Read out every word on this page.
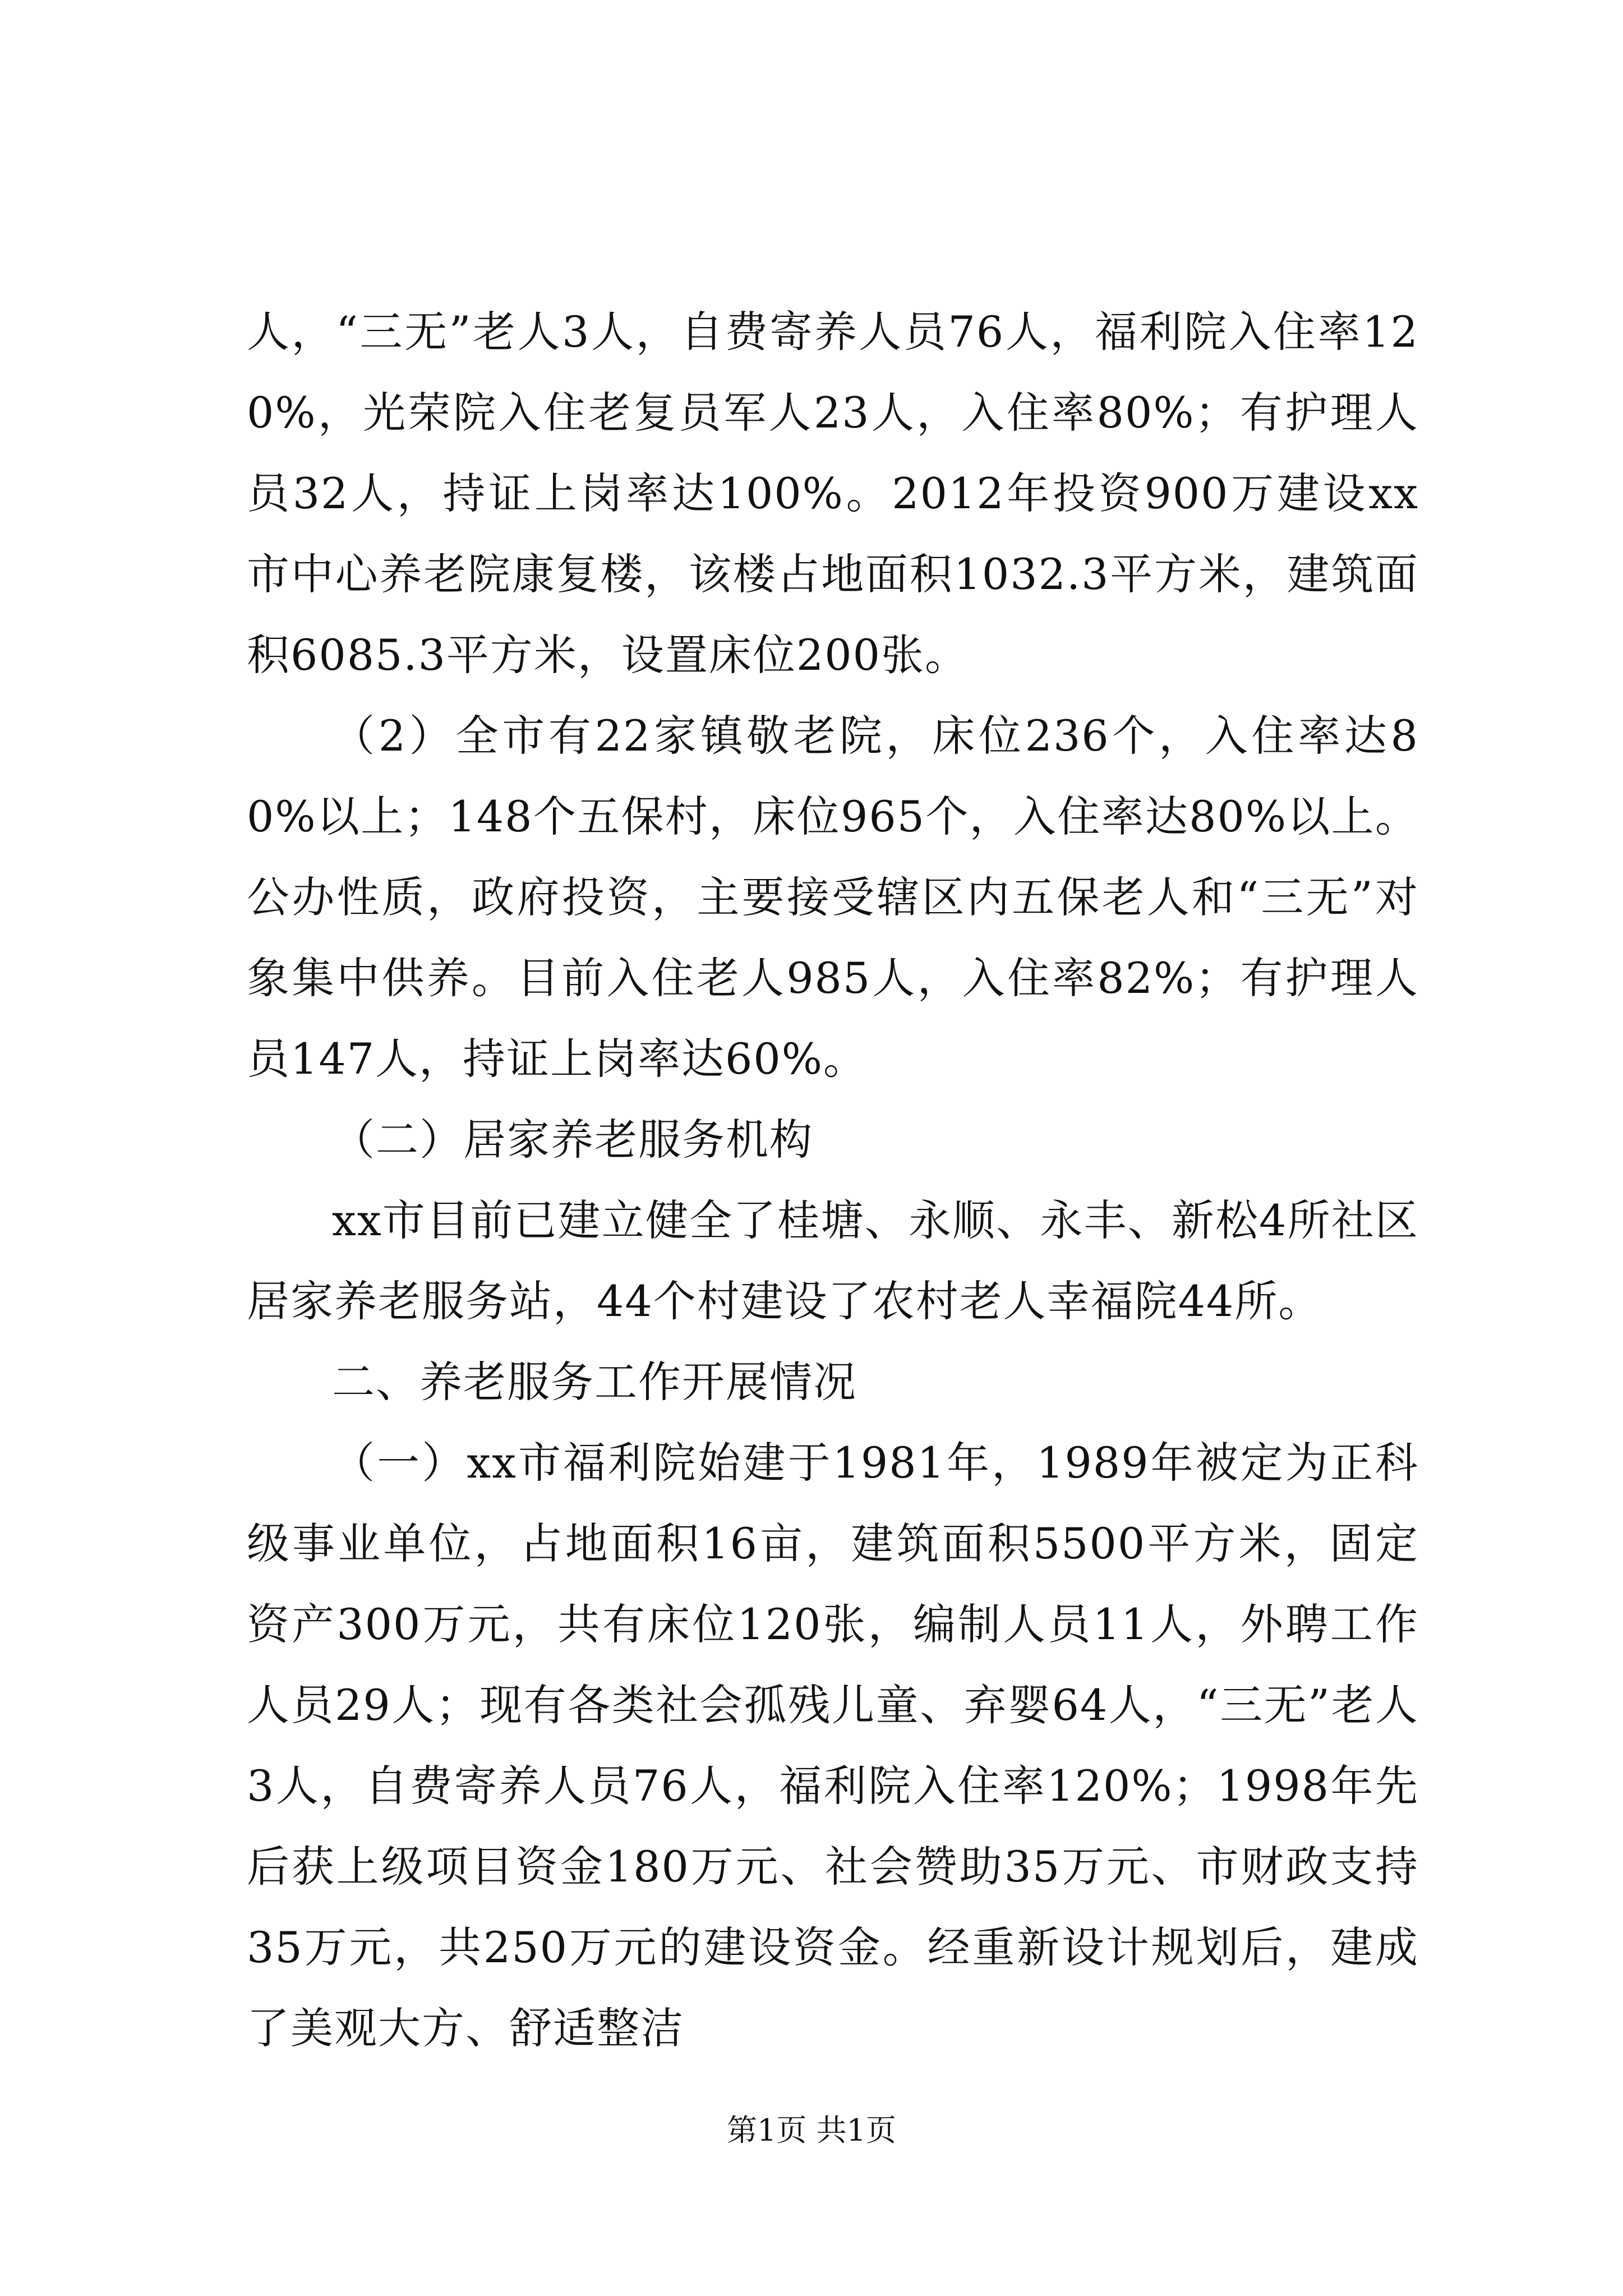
人，“三无”老人3人，自费寄养人员76人，福利院入住率120%，光荣院入住老复员军人23人，入住率80%；有护理人员32人，持证上岗率达100%。2012年投资900万建设xx市中心养老院康复楼，该楼占地面积1032.3平方米，建筑面积6085.3平方米，设置床位200张。

（2）全市有22家镇敬老院，床位236个，入住率达80%以上；148个五保村，床位965个，入住率达80%以上。公办性质，政府投资，主要接受辖区内五保老人和“三无”对象集中供养。目前入住老人985人，入住率82%；有护理人员147人，持证上岗率达60%。

（二）居家养老服务机构

xx市目前已建立健全了桂塘、永顺、永丰、新松4所社区居家养老服务站，44个村建设了农村老人幸福院44所。

二、养老服务工作开展情况

（一）xx市福利院始建于1981年，1989年被定为正科级事业单位，占地面积16亩，建筑面积5500平方米，固定资产300万元，共有床位120张，编制人员11人，外聘工作人员29人；现有各类社会孤残儿童、弃婴64人，“三无”老人3人，自费寄养人员76人，福利院入住率120%；1998年先后获上级项目资金180万元、社会赞助35万元、市财政支持35万元，共250万元的建设资金。经重新设计规划后，建成了美观大方、舒适整洁

第1页 共1页
